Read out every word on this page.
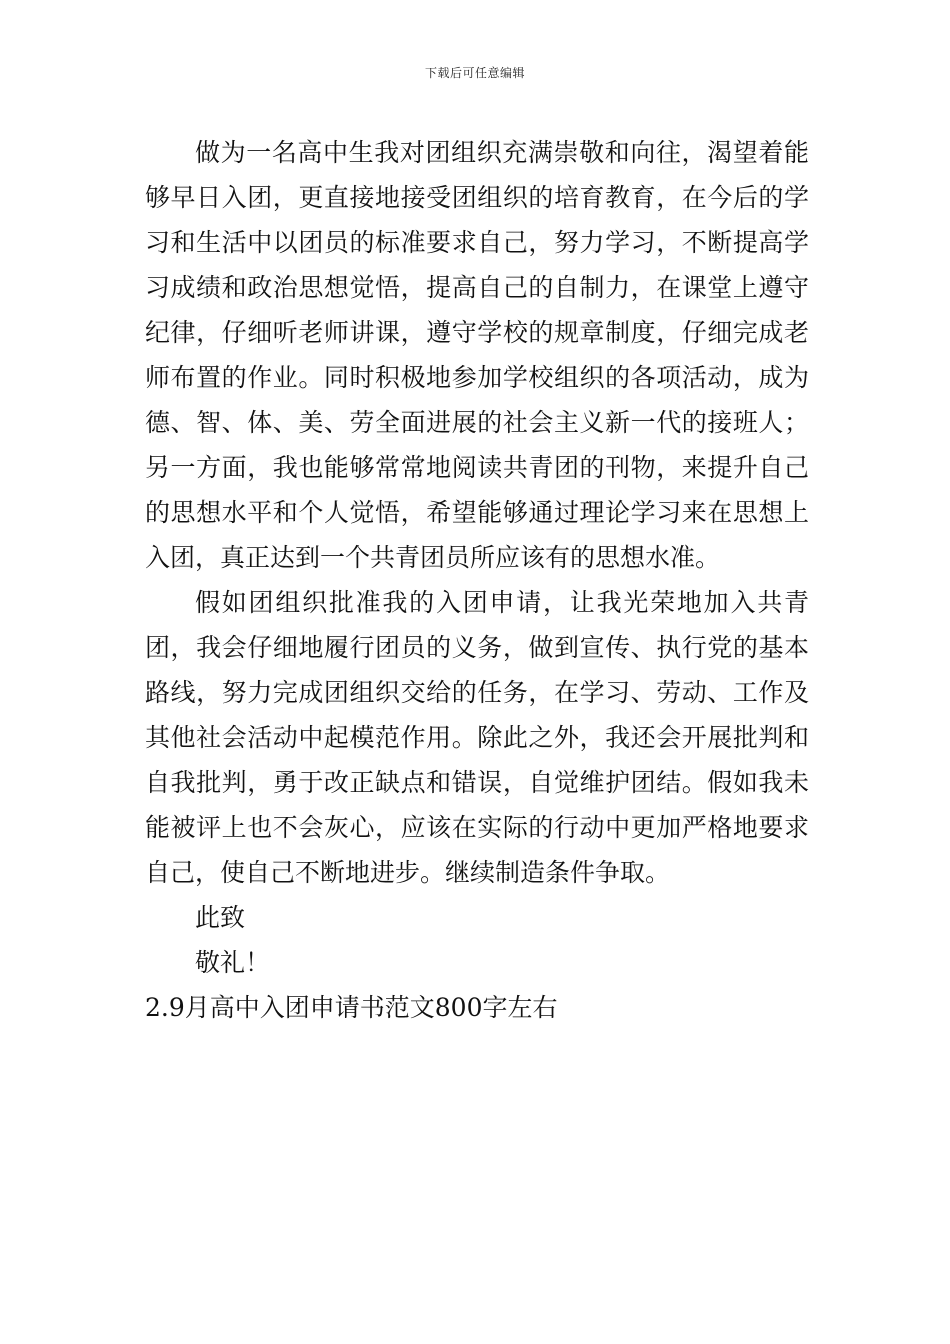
下载后可任意编辑

做为一名高中生我对团组织充满崇敬和向往，渴望着能够早日入团，更直接地接受团组织的培育教育，在今后的学习和生活中以团员的标准要求自己，努力学习，不断提高学习成绩和政治思想觉悟，提高自己的自制力，在课堂上遵守纪律，仔细听老师讲课，遵守学校的规章制度，仔细完成老师布置的作业。同时积极地参加学校组织的各项活动，成为德、智、体、美、劳全面进展的社会主义新一代的接班人；另一方面，我也能够常常地阅读共青团的刊物，来提升自己的思想水平和个人觉悟，希望能够通过理论学习来在思想上入团，真正达到一个共青团员所应该有的思想水准。

假如团组织批准我的入团申请，让我光荣地加入共青团，我会仔细地履行团员的义务，做到宣传、执行党的基本路线，努力完成团组织交给的任务，在学习、劳动、工作及其他社会活动中起模范作用。除此之外，我还会开展批判和自我批判，勇于改正缺点和错误，自觉维护团结。假如我未能被评上也不会灰心，应该在实际的行动中更加严格地要求自己，使自己不断地进步。继续制造条件争取。

此致

敬礼！

2.9月高中入团申请书范文800字左右
